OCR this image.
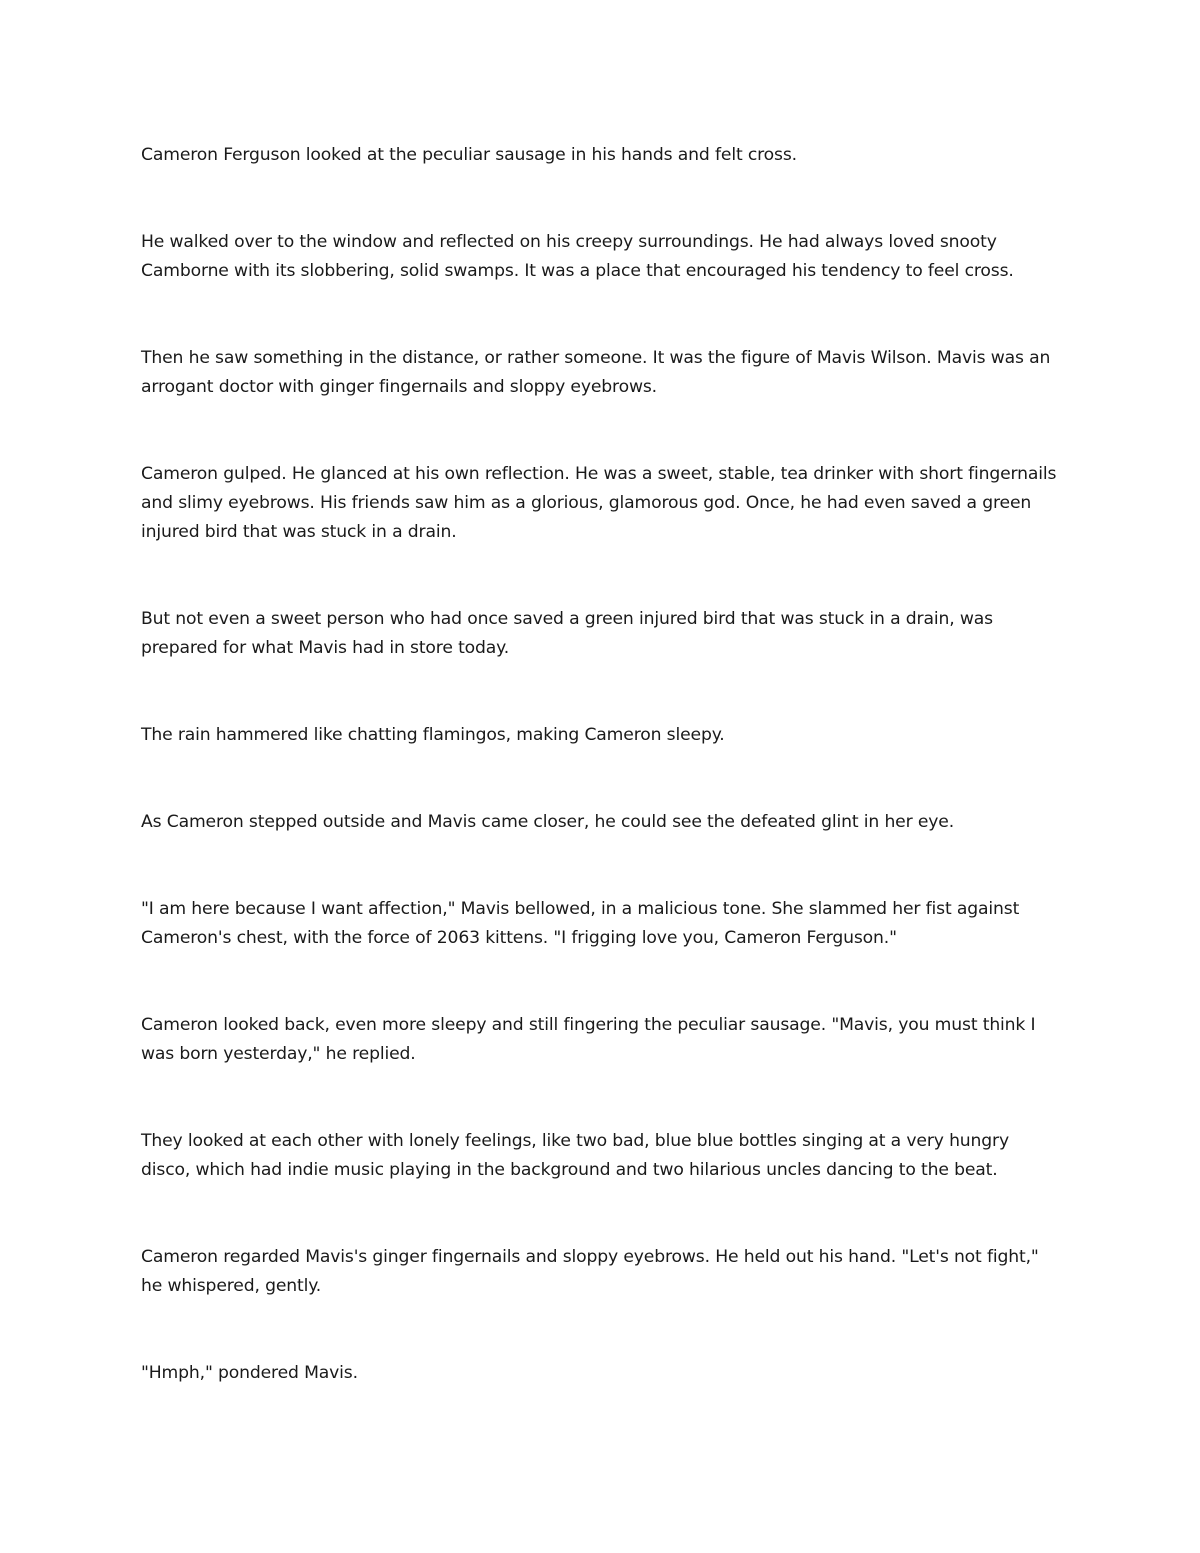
Cameron Ferguson looked at the peculiar sausage in his hands and felt cross.

He walked over to the window and reflected on his creepy surroundings. He had always loved snooty Camborne with its slobbering, solid swamps. It was a place that encouraged his tendency to feel cross.

Then he saw something in the distance, or rather someone. It was the figure of Mavis Wilson. Mavis was an arrogant doctor with ginger fingernails and sloppy eyebrows.

Cameron gulped. He glanced at his own reflection. He was a sweet, stable, tea drinker with short fingernails and slimy eyebrows. His friends saw him as a glorious, glamorous god. Once, he had even saved a green injured bird that was stuck in a drain.

But not even a sweet person who had once saved a green injured bird that was stuck in a drain, was prepared for what Mavis had in store today.

The rain hammered like chatting flamingos, making Cameron sleepy.

As Cameron stepped outside and Mavis came closer, he could see the defeated glint in her eye.

"I am here because I want affection," Mavis bellowed, in a malicious tone. She slammed her fist against Cameron's chest, with the force of 2063 kittens. "I frigging love you, Cameron Ferguson."

Cameron looked back, even more sleepy and still fingering the peculiar sausage. "Mavis, you must think I was born yesterday," he replied.

They looked at each other with lonely feelings, like two bad, blue blue bottles singing at a very hungry disco, which had indie music playing in the background and two hilarious uncles dancing to the beat.

Cameron regarded Mavis's ginger fingernails and sloppy eyebrows. He held out his hand. "Let's not fight," he whispered, gently.

"Hmph," pondered Mavis.
